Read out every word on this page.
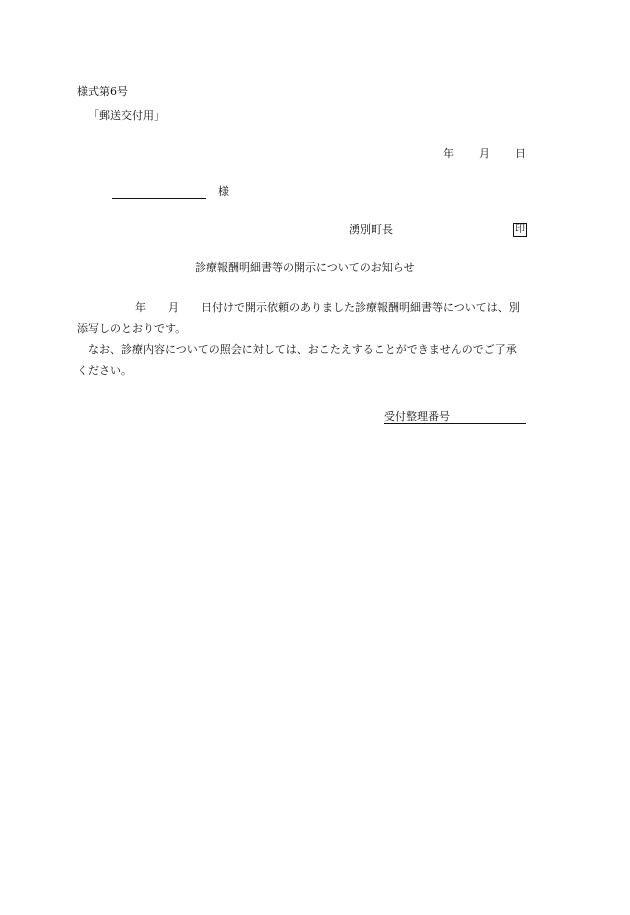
様式第6号
「郵送交付用」
年 月 日
様
湧別町長	印
診療報酬明細書等の開示についてのお知らせ
年　　月　　日付けで開示依頼のありました診療報酬明細書等については、別
添写しのとおりです。
なお、診療内容についての照会に対しては、おこたえすることができませんのでご了承
ください。
受付整理番号
